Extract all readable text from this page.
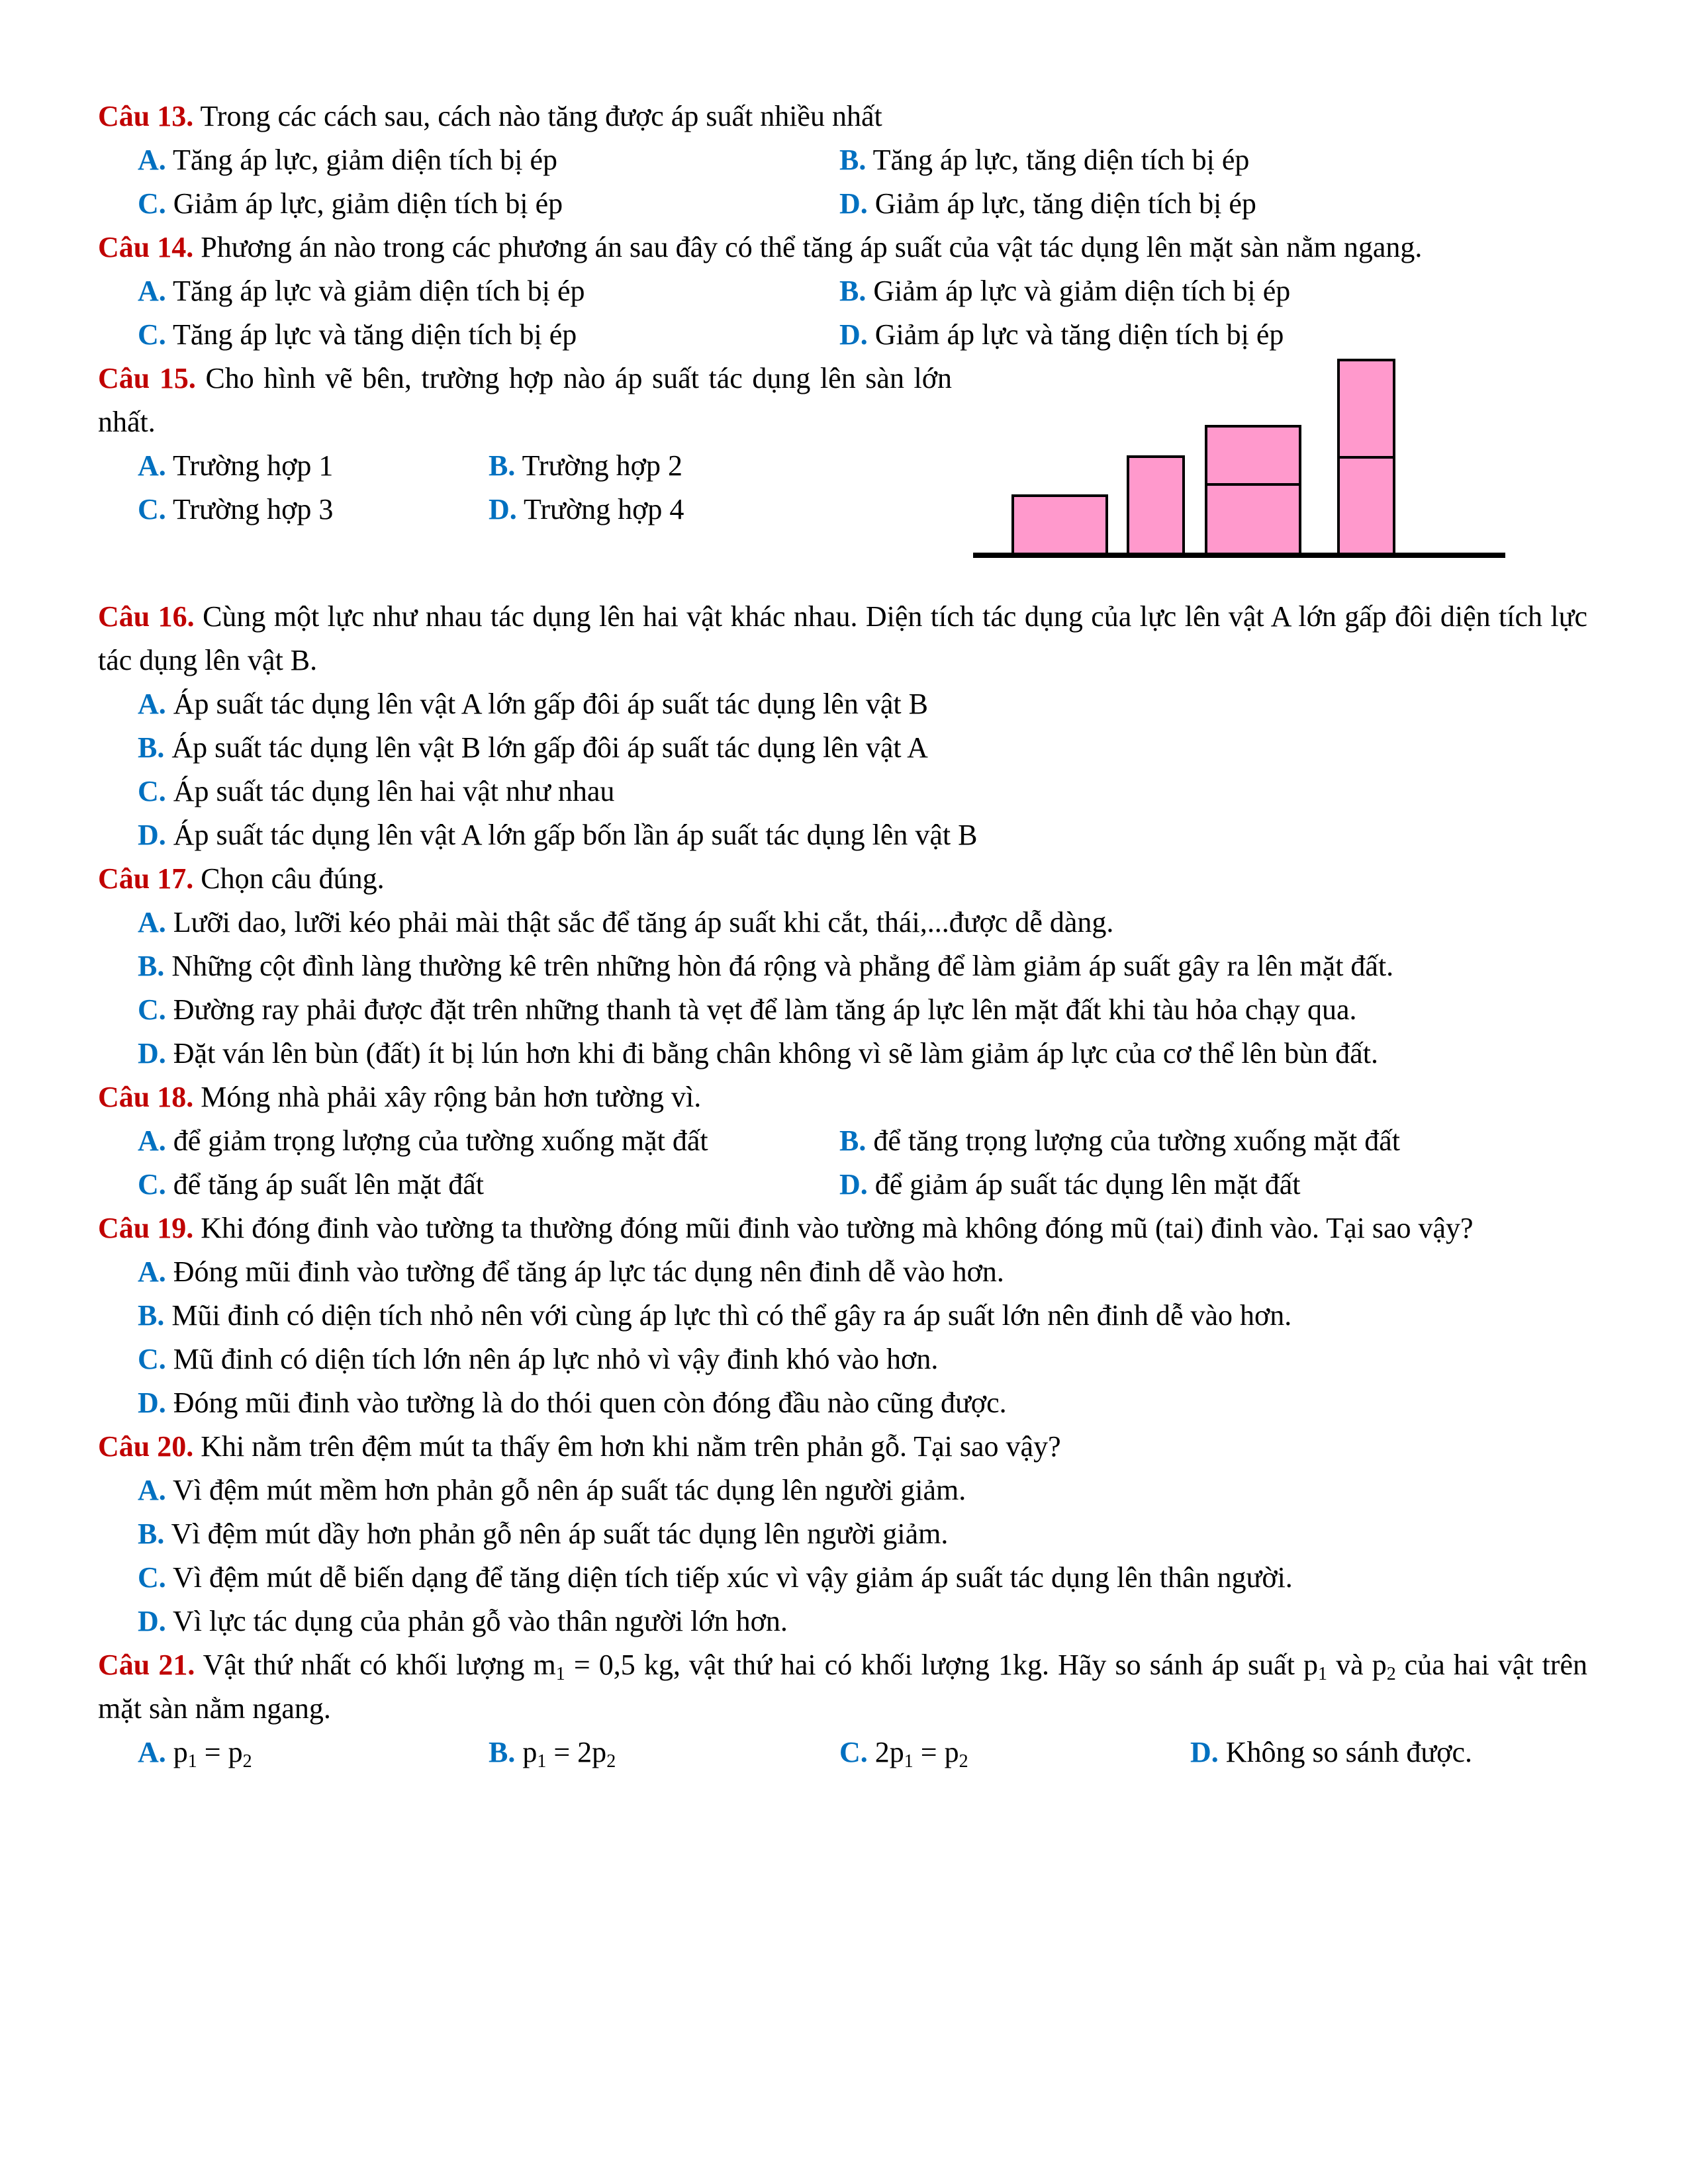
Câu 13. Trong các cách sau, cách nào tăng được áp suất nhiều nhất
A. Tăng áp lực, giảm diện tích bị ép	B. Tăng áp lực, tăng diện tích bị ép
C. Giảm áp lực, giảm diện tích bị ép	D. Giảm áp lực, tăng diện tích bị ép
Câu 14. Phương án nào trong các phương án sau đây có thể tăng áp suất của vật tác dụng lên mặt sàn nằm ngang.
A. Tăng áp lực và giảm diện tích bị ép	B. Giảm áp lực và giảm diện tích bị ép
C. Tăng áp lực và tăng diện tích bị ép	D. Giảm áp lực và tăng diện tích bị ép
Câu 15. Cho hình vẽ bên, trường hợp nào áp suất tác dụng lên sàn lớn nhất.
A. Trường hợp 1	B. Trường hợp 2
C. Trường hợp 3	D. Trường hợp 4
Câu 16. Cùng một lực như nhau tác dụng lên hai vật khác nhau. Diện tích tác dụng của lực lên vật A lớn gấp đôi diện tích lực tác dụng lên vật B.
A. Áp suất tác dụng lên vật A lớn gấp đôi áp suất tác dụng lên vật B
B. Áp suất tác dụng lên vật B lớn gấp đôi áp suất tác dụng lên vật A
C. Áp suất tác dụng lên hai vật như nhau
D. Áp suất tác dụng lên vật A lớn gấp bốn lần áp suất tác dụng lên vật B
Câu 17. Chọn câu đúng.
A. Lưỡi dao, lưỡi kéo phải mài thật sắc để tăng áp suất khi cắt, thái,...được dễ dàng.
B. Những cột đình làng thường kê trên những hòn đá rộng và phẳng để làm giảm áp suất gây ra lên mặt đất.
C. Đường ray phải được đặt trên những thanh tà vẹt để làm tăng áp lực lên mặt đất khi tàu hỏa chạy qua.
D. Đặt ván lên bùn (đất) ít bị lún hơn khi đi bằng chân không vì sẽ làm giảm áp lực của cơ thể lên bùn đất.
Câu 18. Móng nhà phải xây rộng bản hơn tường vì.
A. để giảm trọng lượng của tường xuống mặt đất	B. để tăng trọng lượng của tường xuống mặt đất
C. để tăng áp suất lên mặt đất	D. để giảm áp suất tác dụng lên mặt đất
Câu 19. Khi đóng đinh vào tường ta thường đóng mũi đinh vào tường mà không đóng mũ (tai) đinh vào. Tại sao vậy?
A. Đóng mũi đinh vào tường để tăng áp lực tác dụng nên đinh dễ vào hơn.
B. Mũi đinh có diện tích nhỏ nên với cùng áp lực thì có thể gây ra áp suất lớn nên đinh dễ vào hơn.
C. Mũ đinh có diện tích lớn nên áp lực nhỏ vì vậy đinh khó vào hơn.
D. Đóng mũi đinh vào tường là do thói quen còn đóng đầu nào cũng được.
Câu 20. Khi nằm trên đệm mút ta thấy êm hơn khi nằm trên phản gỗ. Tại sao vậy?
A. Vì đệm mút mềm hơn phản gỗ nên áp suất tác dụng lên người giảm.
B. Vì đệm mút dầy hơn phản gỗ nên áp suất tác dụng lên người giảm.
C. Vì đệm mút dễ biến dạng để tăng diện tích tiếp xúc vì vậy giảm áp suất tác dụng lên thân người.
D. Vì lực tác dụng của phản gỗ vào thân người lớn hơn.
Câu 21. Vật thứ nhất có khối lượng $m_1 = 0,5$ kg, vật thứ hai có khối lượng 1kg. Hãy so sánh áp suất $p_1$ và $p_2$ của hai vật trên mặt sàn nằm ngang.
A. $p_1 = p_2$	B. $p_1 = 2p_2$	C. $2p_1 = p_2$	D. Không so sánh được.
